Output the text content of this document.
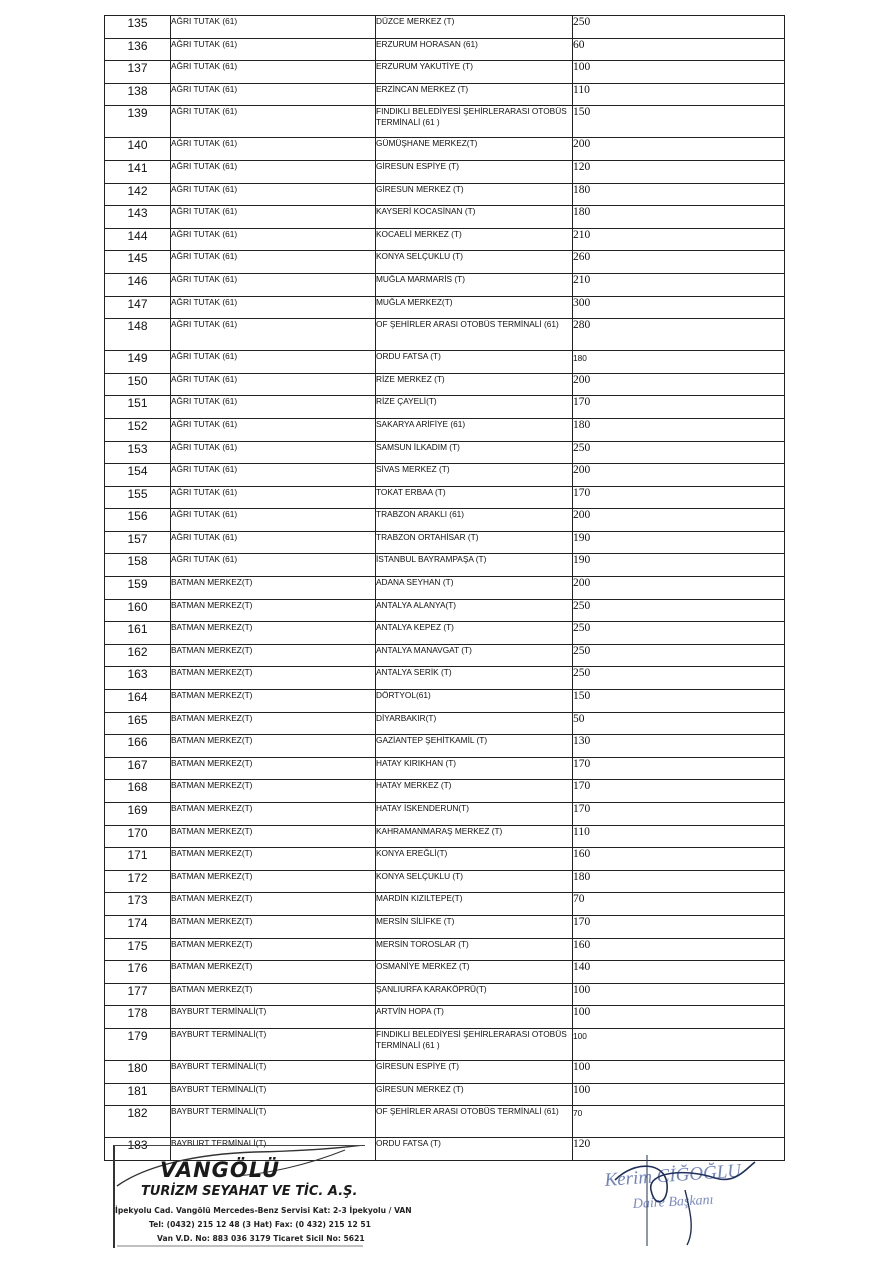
135	AĞRI TUTAK (61)	DÜZCE MERKEZ (T)	250
136	AĞRI TUTAK (61)	ERZURUM HORASAN (61)	60
137	AĞRI TUTAK (61)	ERZURUM YAKUTİYE (T)	100
138	AĞRI TUTAK (61)	ERZİNCAN MERKEZ (T)	110
139	AĞRI TUTAK (61)	FINDIKLI BELEDİYESİ ŞEHİRLERARASI OTOBÜS TERMİNALİ (61 )	150
140	AĞRI TUTAK (61)	GÜMÜŞHANE MERKEZ(T)	200
141	AĞRI TUTAK (61)	GİRESUN ESPİYE (T)	120
142	AĞRI TUTAK (61)	GİRESUN MERKEZ (T)	180
143	AĞRI TUTAK (61)	KAYSERİ KOCASİNAN (T)	180
144	AĞRI TUTAK (61)	KOCAELİ MERKEZ (T)	210
145	AĞRI TUTAK (61)	KONYA SELÇUKLU (T)	260
146	AĞRI TUTAK (61)	MUĞLA MARMARİS (T)	210
147	AĞRI TUTAK (61)	MUĞLA MERKEZ(T)	300
148	AĞRI TUTAK (61)	OF ŞEHİRLER ARASI OTOBÜS TERMİNALİ (61)	280
149	AĞRI TUTAK (61)	ORDU FATSA (T)	180
150	AĞRI TUTAK (61)	RİZE MERKEZ (T)	200
151	AĞRI TUTAK (61)	RİZE ÇAYELİ(T)	170
152	AĞRI TUTAK (61)	SAKARYA ARİFİYE (61)	180
153	AĞRI TUTAK (61)	SAMSUN İLKADIM (T)	250
154	AĞRI TUTAK (61)	SİVAS MERKEZ (T)	200
155	AĞRI TUTAK (61)	TOKAT ERBAA (T)	170
156	AĞRI TUTAK (61)	TRABZON ARAKLI (61)	200
157	AĞRI TUTAK (61)	TRABZON ORTAHİSAR (T)	190
158	AĞRI TUTAK (61)	İSTANBUL BAYRAMPAŞA (T)	190
159	BATMAN MERKEZ(T)	ADANA SEYHAN (T)	200
160	BATMAN MERKEZ(T)	ANTALYA ALANYA(T)	250
161	BATMAN MERKEZ(T)	ANTALYA KEPEZ (T)	250
162	BATMAN MERKEZ(T)	ANTALYA MANAVGAT (T)	250
163	BATMAN MERKEZ(T)	ANTALYA SERİK (T)	250
164	BATMAN MERKEZ(T)	DÖRTYOL(61)	150
165	BATMAN MERKEZ(T)	DİYARBAKIR(T)	50
166	BATMAN MERKEZ(T)	GAZİANTEP ŞEHİTKAMİL (T)	130
167	BATMAN MERKEZ(T)	HATAY KIRIKHAN (T)	170
168	BATMAN MERKEZ(T)	HATAY MERKEZ (T)	170
169	BATMAN MERKEZ(T)	HATAY İSKENDERUN(T)	170
170	BATMAN MERKEZ(T)	KAHRAMANMARAŞ MERKEZ (T)	110
171	BATMAN MERKEZ(T)	KONYA EREĞLİ(T)	160
172	BATMAN MERKEZ(T)	KONYA SELÇUKLU (T)	180
173	BATMAN MERKEZ(T)	MARDİN KIZILTEPE(T)	70
174	BATMAN MERKEZ(T)	MERSİN SİLİFKE (T)	170
175	BATMAN MERKEZ(T)	MERSİN TOROSLAR (T)	160
176	BATMAN MERKEZ(T)	OSMANİYE MERKEZ (T)	140
177	BATMAN MERKEZ(T)	ŞANLIURFA KARAKÖPRÜ(T)	100
178	BAYBURT TERMİNALİ(T)	ARTVİN HOPA (T)	100
179	BAYBURT TERMİNALİ(T)	FINDIKLI BELEDİYESİ ŞEHİRLERARASI OTOBÜS TERMİNALİ (61 )	100
180	BAYBURT TERMİNALİ(T)	GİRESUN ESPİYE (T)	100
181	BAYBURT TERMİNALİ(T)	GİRESUN MERKEZ (T)	100
182	BAYBURT TERMİNALİ(T)	OF ŞEHİRLER ARASI OTOBÜS TERMİNALİ (61)	70
183	BAYBURT TERMİNALİ(T)	ORDU FATSA (T)	120
VANGÖLÜ
TURİZM SEYAHAT VE TİC. A.Ş.
İpekyolu Cad. Vangölü Mercedes-Benz Servisi Kat: 2-3 İpekyolu / VAN
Tel: (0432) 215 12 48 (3 Hat) Fax: (0 432) 215 12 51
Van V.D. No: 883 036 3179 Ticaret Sicil No: 5621
Kerim CİĞOĞLU
Daire Başkanı
